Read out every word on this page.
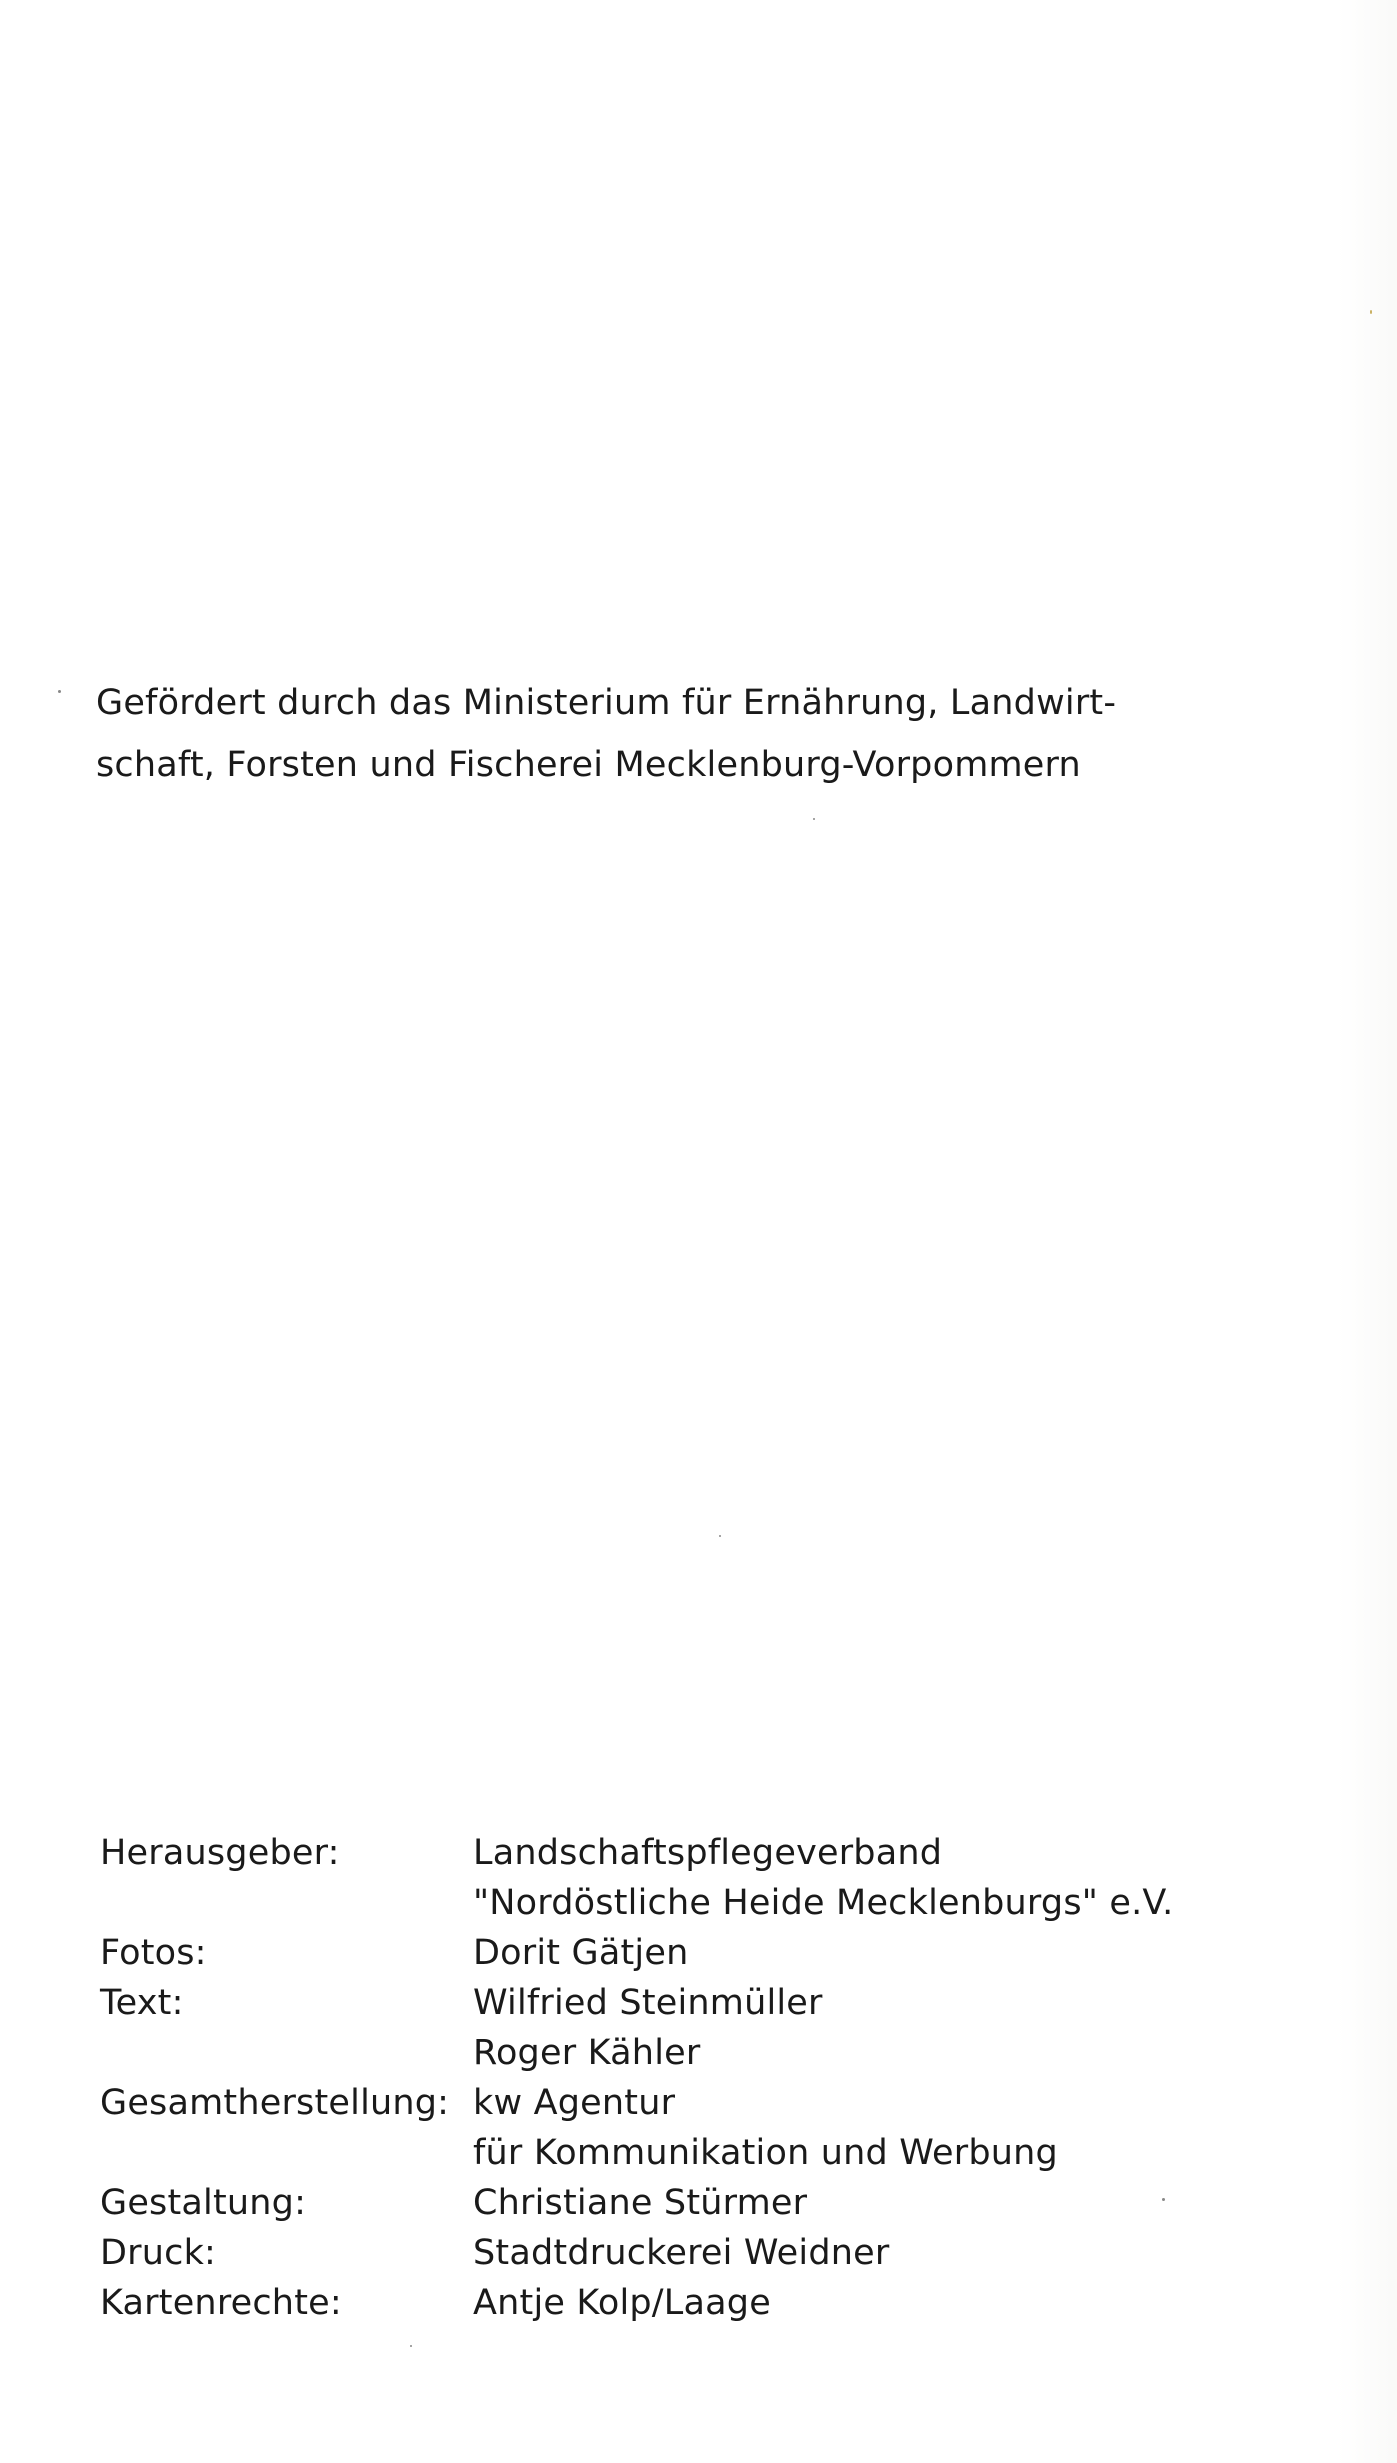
Gefördert durch das Ministerium für Ernährung, Landwirt-
schaft, Forsten und Fischerei Mecklenburg-Vorpommern
Herausgeber:	Landschaftspflegeverband
"Nordöstliche Heide Mecklenburgs" e.V.
Fotos:	Dorit Gätjen
Text:	Wilfried Steinmüller
Roger Kähler
Gesamtherstellung: kw Agentur
für Kommunikation und Werbung
Gestaltung:	Christiane Stürmer
Druck:	Stadtdruckerei Weidner
Kartenrechte:	Antje Kolp/Laage
